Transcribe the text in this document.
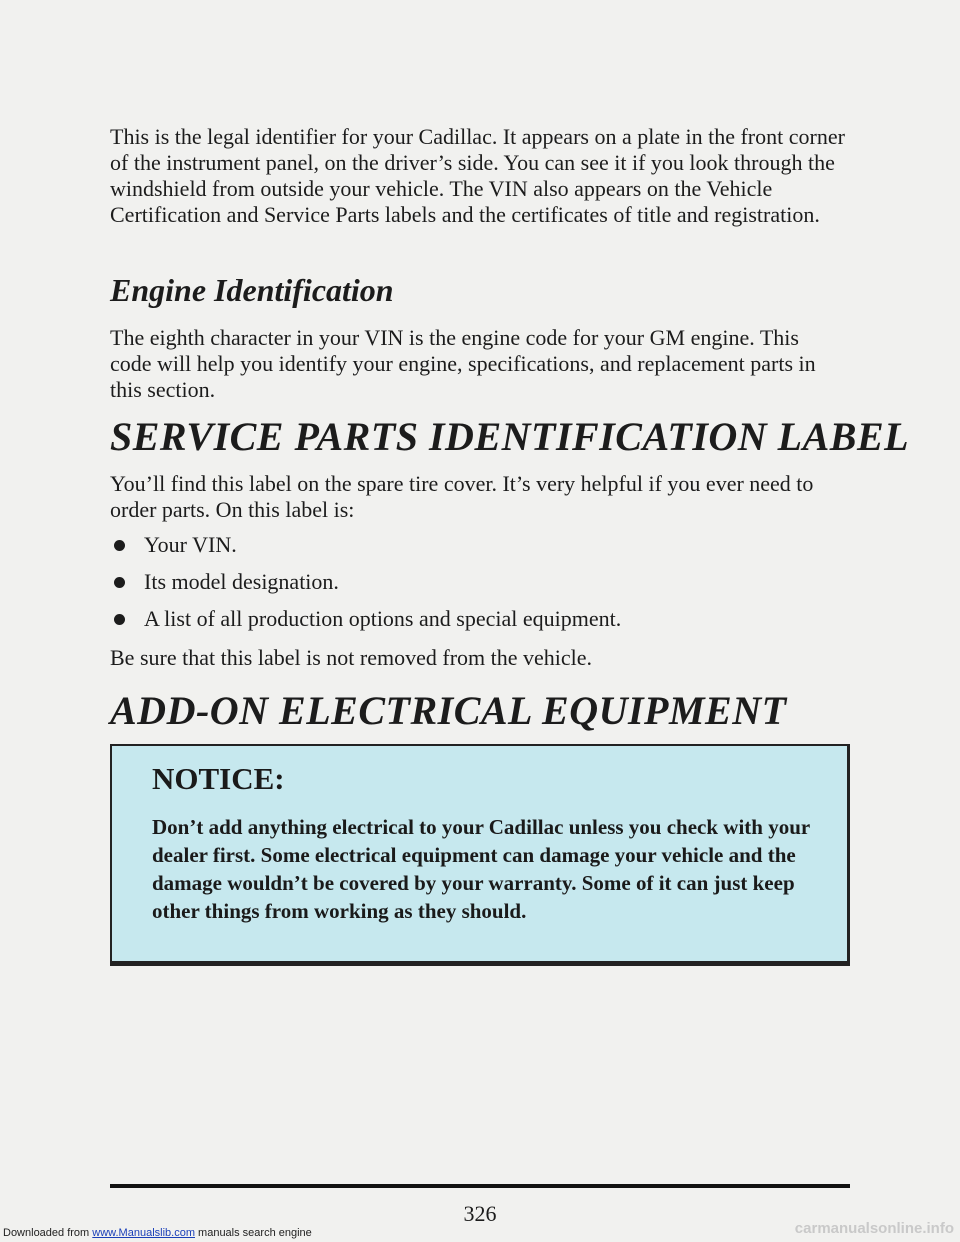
This is the legal identifier for your Cadillac. It appears on a plate in the front corner of the instrument panel, on the driver’s side. You can see it if you look through the windshield from outside your vehicle. The VIN also appears on the Vehicle Certification and Service Parts labels and the certificates of title and registration.

Engine Identification

The eighth character in your VIN is the engine code for your GM engine. This code will help you identify your engine, specifications, and replacement parts in this section.

SERVICE PARTS IDENTIFICATION LABEL

You’ll find this label on the spare tire cover. It’s very helpful if you ever need to order parts. On this label is:

Your VIN.
Its model designation.
A list of all production options and special equipment.

Be sure that this label is not removed from the vehicle.

ADD-ON ELECTRICAL EQUIPMENT

NOTICE:

Don’t add anything electrical to your Cadillac unless you check with your dealer first. Some electrical equipment can damage your vehicle and the damage wouldn’t be covered by your warranty. Some of it can just keep other things from working as they should.

326
Downloaded from www.Manualslib.com manuals search engine	carmanualsonline.info
